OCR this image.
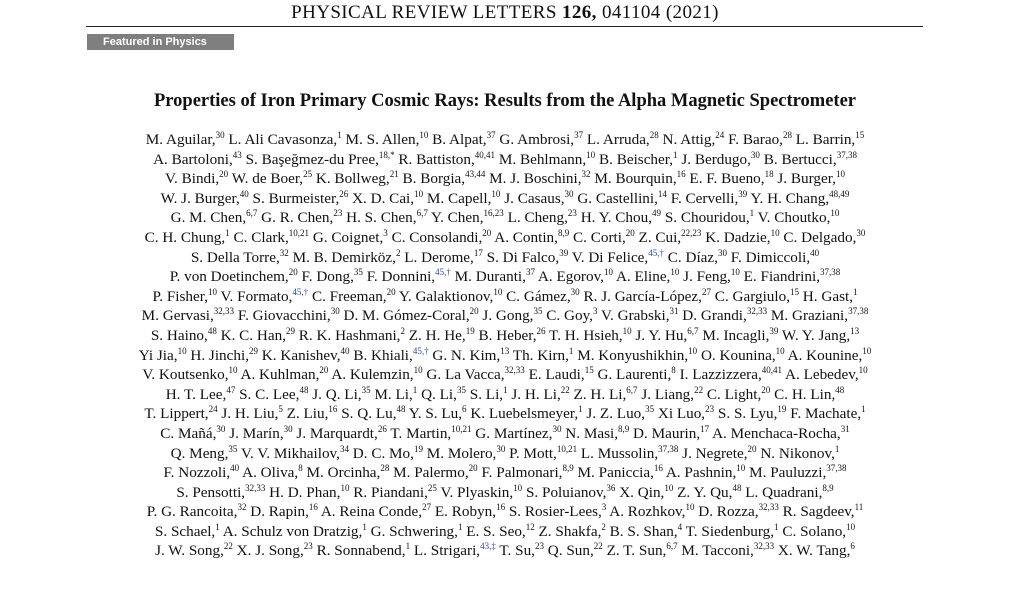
PHYSICAL REVIEW LETTERS 126, 041104 (2021)
Featured in Physics
Properties of Iron Primary Cosmic Rays: Results from the Alpha Magnetic Spectrometer
M. Aguilar,$^{30}$ L. Ali Cavasonza,$^1$ M. S. Allen,$^{10}$ B. Alpat,$^{37}$ G. Ambrosi,$^{37}$ L. Arruda,$^{28}$ N. Attig,$^{24}$ F. Barao,$^{28}$ L. Barrin,$^{15}$
A. Bartoloni,$^{43}$ S. Başeğmez-du Pree,$^{18,*}$ R. Battiston,$^{40,41}$ M. Behlmann,$^{10}$ B. Beischer,$^1$ J. Berdugo,$^{30}$ B. Bertucci,$^{37,38}$
V. Bindi,$^{20}$ W. de Boer,$^{25}$ K. Bollweg,$^{21}$ B. Borgia,$^{43,44}$ M. J. Boschini,$^{32}$ M. Bourquin,$^{16}$ E. F. Bueno,$^{18}$ J. Burger,$^{10}$
W. J. Burger,$^{40}$ S. Burmeister,$^{26}$ X. D. Cai,$^{10}$ M. Capell,$^{10}$ J. Casaus,$^{30}$ G. Castellini,$^{14}$ F. Cervelli,$^{39}$ Y. H. Chang,$^{48,49}$
G. M. Chen,$^{6,7}$ G. R. Chen,$^{23}$ H. S. Chen,$^{6,7}$ Y. Chen,$^{16,23}$ L. Cheng,$^{23}$ H. Y. Chou,$^{49}$ S. Chouridou,$^1$ V. Choutko,$^{10}$
C. H. Chung,$^1$ C. Clark,$^{10,21}$ G. Coignet,$^3$ C. Consolandi,$^{20}$ A. Contin,$^{8,9}$ C. Corti,$^{20}$ Z. Cui,$^{22,23}$ K. Dadzie,$^{10}$ C. Delgado,$^{30}$
S. Della Torre,$^{32}$ M. B. Demirköz,$^2$ L. Derome,$^{17}$ S. Di Falco,$^{39}$ V. Di Felice,$^{45,\dagger}$ C. Díaz,$^{30}$ F. Dimiccoli,$^{40}$
P. von Doetinchem,$^{20}$ F. Dong,$^{35}$ F. Donnini,$^{45,\dagger}$ M. Duranti,$^{37}$ A. Egorov,$^{10}$ A. Eline,$^{10}$ J. Feng,$^{10}$ E. Fiandrini,$^{37,38}$
P. Fisher,$^{10}$ V. Formato,$^{45,\dagger}$ C. Freeman,$^{20}$ Y. Galaktionov,$^{10}$ C. Gámez,$^{30}$ R. J. García-López,$^{27}$ C. Gargiulo,$^{15}$ H. Gast,$^1$
M. Gervasi,$^{32,33}$ F. Giovacchini,$^{30}$ D. M. Gómez-Coral,$^{20}$ J. Gong,$^{35}$ C. Goy,$^3$ V. Grabski,$^{31}$ D. Grandi,$^{32,33}$ M. Graziani,$^{37,38}$
S. Haino,$^{48}$ K. C. Han,$^{29}$ R. K. Hashmani,$^2$ Z. H. He,$^{19}$ B. Heber,$^{26}$ T. H. Hsieh,$^{10}$ J. Y. Hu,$^{6,7}$ M. Incagli,$^{39}$ W. Y. Jang,$^{13}$
Yi Jia,$^{10}$ H. Jinchi,$^{29}$ K. Kanishev,$^{40}$ B. Khiali,$^{45,\dagger}$ G. N. Kim,$^{13}$ Th. Kirn,$^1$ M. Konyushikhin,$^{10}$ O. Kounina,$^{10}$ A. Kounine,$^{10}$
V. Koutsenko,$^{10}$ A. Kuhlman,$^{20}$ A. Kulemzin,$^{10}$ G. La Vacca,$^{32,33}$ E. Laudi,$^{15}$ G. Laurenti,$^8$ I. Lazzizzera,$^{40,41}$ A. Lebedev,$^{10}$
H. T. Lee,$^{47}$ S. C. Lee,$^{48}$ J. Q. Li,$^{35}$ M. Li,$^1$ Q. Li,$^{35}$ S. Li,$^1$ J. H. Li,$^{22}$ Z. H. Li,$^{6,7}$ J. Liang,$^{22}$ C. Light,$^{20}$ C. H. Lin,$^{48}$
T. Lippert,$^{24}$ J. H. Liu,$^5$ Z. Liu,$^{16}$ S. Q. Lu,$^{48}$ Y. S. Lu,$^6$ K. Luebelsmeyer,$^1$ J. Z. Luo,$^{35}$ Xi Luo,$^{23}$ S. S. Lyu,$^{19}$ F. Machate,$^1$
C. Mañá,$^{30}$ J. Marín,$^{30}$ J. Marquardt,$^{26}$ T. Martin,$^{10,21}$ G. Martínez,$^{30}$ N. Masi,$^{8,9}$ D. Maurin,$^{17}$ A. Menchaca-Rocha,$^{31}$
Q. Meng,$^{35}$ V. V. Mikhailov,$^{34}$ D. C. Mo,$^{19}$ M. Molero,$^{30}$ P. Mott,$^{10,21}$ L. Mussolin,$^{37,38}$ J. Negrete,$^{20}$ N. Nikonov,$^1$
F. Nozzoli,$^{40}$ A. Oliva,$^8$ M. Orcinha,$^{28}$ M. Palermo,$^{20}$ F. Palmonari,$^{8,9}$ M. Paniccia,$^{16}$ A. Pashnin,$^{10}$ M. Pauluzzi,$^{37,38}$
S. Pensotti,$^{32,33}$ H. D. Phan,$^{10}$ R. Piandani,$^{25}$ V. Plyaskin,$^{10}$ S. Poluianov,$^{36}$ X. Qin,$^{10}$ Z. Y. Qu,$^{48}$ L. Quadrani,$^{8,9}$
P. G. Rancoita,$^{32}$ D. Rapin,$^{16}$ A. Reina Conde,$^{27}$ E. Robyn,$^{16}$ S. Rosier-Lees,$^3$ A. Rozhkov,$^{10}$ D. Rozza,$^{32,33}$ R. Sagdeev,$^{11}$
S. Schael,$^1$ A. Schulz von Dratzig,$^1$ G. Schwering,$^1$ E. S. Seo,$^{12}$ Z. Shakfa,$^2$ B. S. Shan,$^4$ T. Siedenburg,$^1$ C. Solano,$^{10}$
J. W. Song,$^{22}$ X. J. Song,$^{23}$ R. Sonnabend,$^1$ L. Strigari,$^{43,\ddagger}$ T. Su,$^{23}$ Q. Sun,$^{22}$ Z. T. Sun,$^{6,7}$ M. Tacconi,$^{32,33}$ X. W. Tang,$^6$
